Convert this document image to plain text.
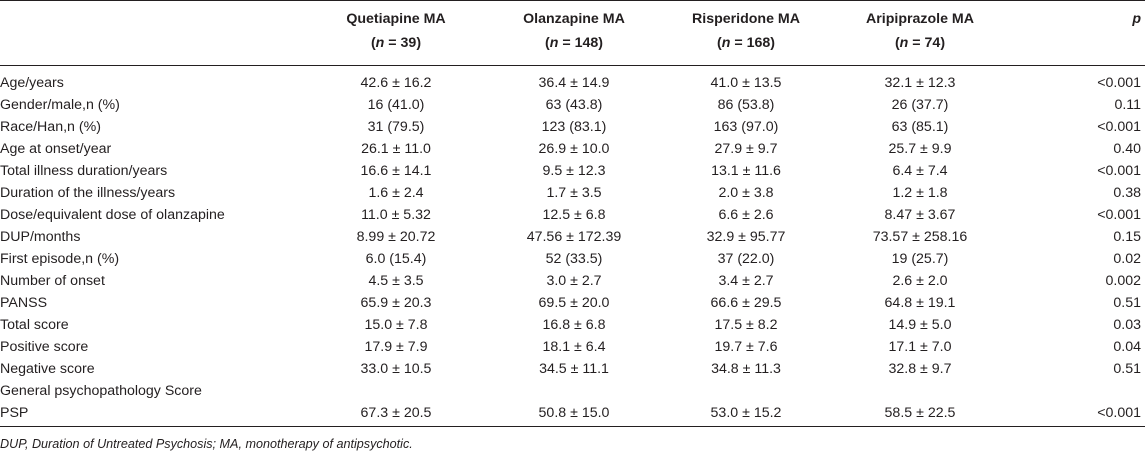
	Quetiapine MA	Olanzapine MA	Risperidone MA	Aripiprazole MA	p
	(n = 39)	(n = 148)	(n = 168)	(n = 74)	
Age/years	42.6 ± 16.2	36.4 ± 14.9	41.0 ± 13.5	32.1 ± 12.3	<0.001
Gender/male,n (%)	16 (41.0)	63 (43.8)	86 (53.8)	26 (37.7)	0.11
Race/Han,n (%)	31 (79.5)	123 (83.1)	163 (97.0)	63 (85.1)	<0.001
Age at onset/year	26.1 ± 11.0	26.9 ± 10.0	27.9 ± 9.7	25.7 ± 9.9	0.40
Total illness duration/years	16.6 ± 14.1	9.5 ± 12.3	13.1 ± 11.6	6.4 ± 7.4	<0.001
Duration of the illness/years	1.6 ± 2.4	1.7 ± 3.5	2.0 ± 3.8	1.2 ± 1.8	0.38
Dose/equivalent dose of olanzapine	11.0 ± 5.32	12.5 ± 6.8	6.6 ± 2.6	8.47 ± 3.67	<0.001
DUP/months	8.99 ± 20.72	47.56 ± 172.39	32.9 ± 95.77	73.57 ± 258.16	0.15
First episode,n (%)	6.0 (15.4)	52 (33.5)	37 (22.0)	19 (25.7)	0.02
Number of onset	4.5 ± 3.5	3.0 ± 2.7	3.4 ± 2.7	2.6 ± 2.0	0.002
PANSS	65.9 ± 20.3	69.5 ± 20.0	66.6 ± 29.5	64.8 ± 19.1	0.51
Total score	15.0 ± 7.8	16.8 ± 6.8	17.5 ± 8.2	14.9 ± 5.0	0.03
Positive score	17.9 ± 7.9	18.1 ± 6.4	19.7 ± 7.6	17.1 ± 7.0	0.04
Negative score	33.0 ± 10.5	34.5 ± 11.1	34.8 ± 11.3	32.8 ± 9.7	0.51
General psychopathology Score					
PSP	67.3 ± 20.5	50.8 ± 15.0	53.0 ± 15.2	58.5 ± 22.5	<0.001
DUP, Duration of Untreated Psychosis; MA, monotherapy of antipsychotic.
